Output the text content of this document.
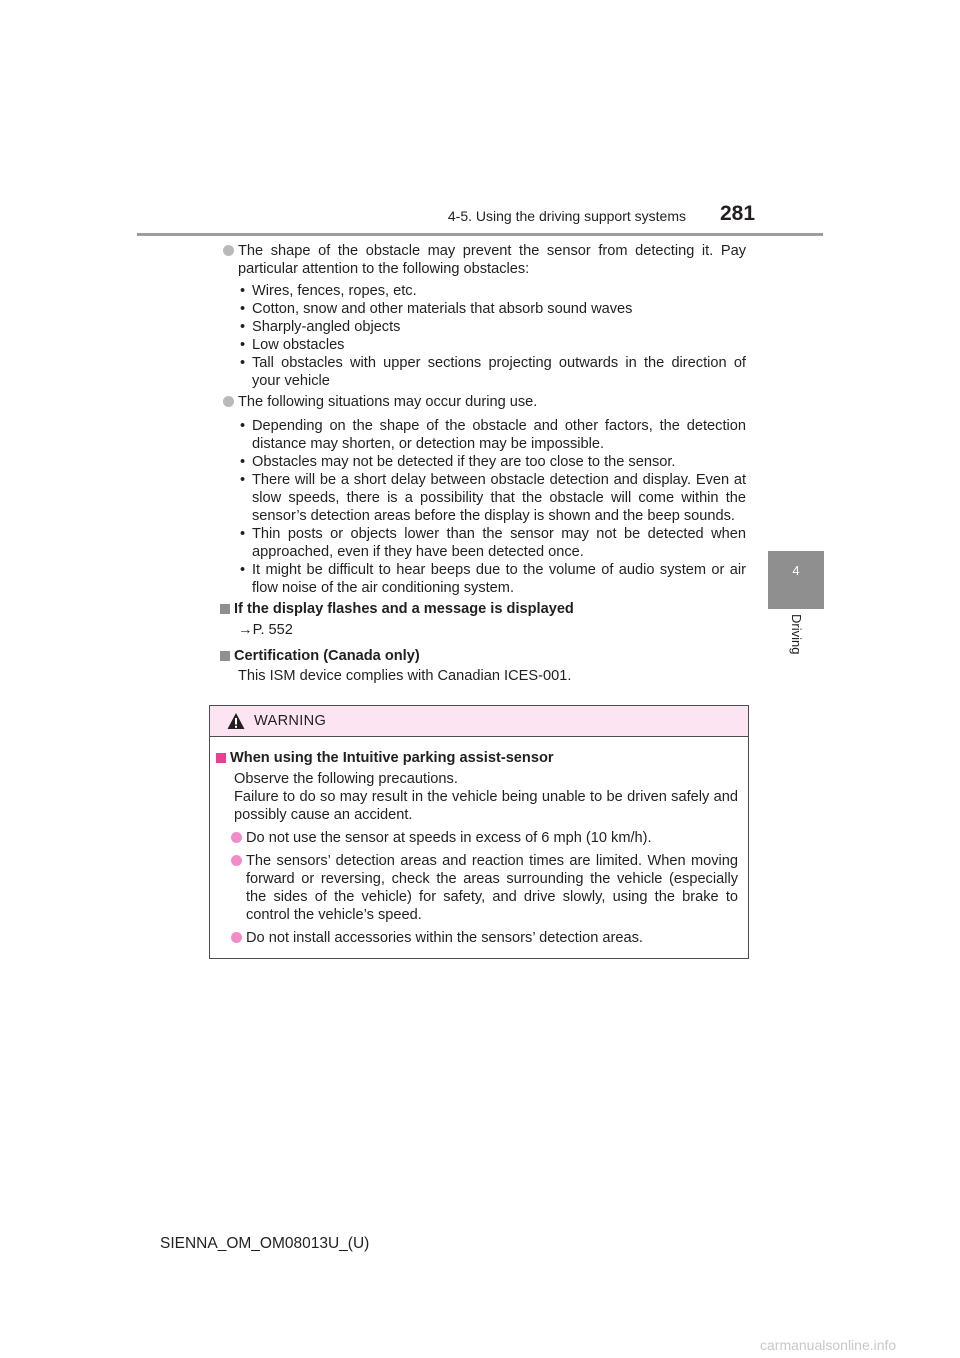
4-5. Using the driving support systems 281
4
Driving

The shape of the obstacle may prevent the sensor from detecting it. Pay particular attention to the following obstacles:

• Wires, fences, ropes, etc.
• Cotton, snow and other materials that absorb sound waves
• Sharply-angled objects
• Low obstacles
• Tall obstacles with upper sections projecting outwards in the direction of your vehicle

The following situations may occur during use.

• Depending on the shape of the obstacle and other factors, the detection distance may shorten, or detection may be impossible.
• Obstacles may not be detected if they are too close to the sensor.
• There will be a short delay between obstacle detection and display. Even at slow speeds, there is a possibility that the obstacle will come within the sensor’s detection areas before the display is shown and the beep sounds.
• Thin posts or objects lower than the sensor may not be detected when approached, even if they have been detected once.
• It might be difficult to hear beeps due to the volume of audio system or air flow noise of the air conditioning system.
If the display flashes and a message is displayed

→P. 552

Certification (Canada only)

This ISM device complies with Canadian ICES-001.

WARNING
When using the Intuitive parking assist-sensor

Observe the following precautions.

Failure to do so may result in the vehicle being unable to be driven safely and possibly cause an accident.

Do not use the sensor at speeds in excess of 6 mph (10 km/h).

The sensors’ detection areas and reaction times are limited. When moving forward or reversing, check the areas surrounding the vehicle (especially the sides of the vehicle) for safety, and drive slowly, using the brake to control the vehicle’s speed.

Do not install accessories within the sensors’ detection areas.

SIENNA_OM_OM08013U_(U)
carmanualsonline.info
